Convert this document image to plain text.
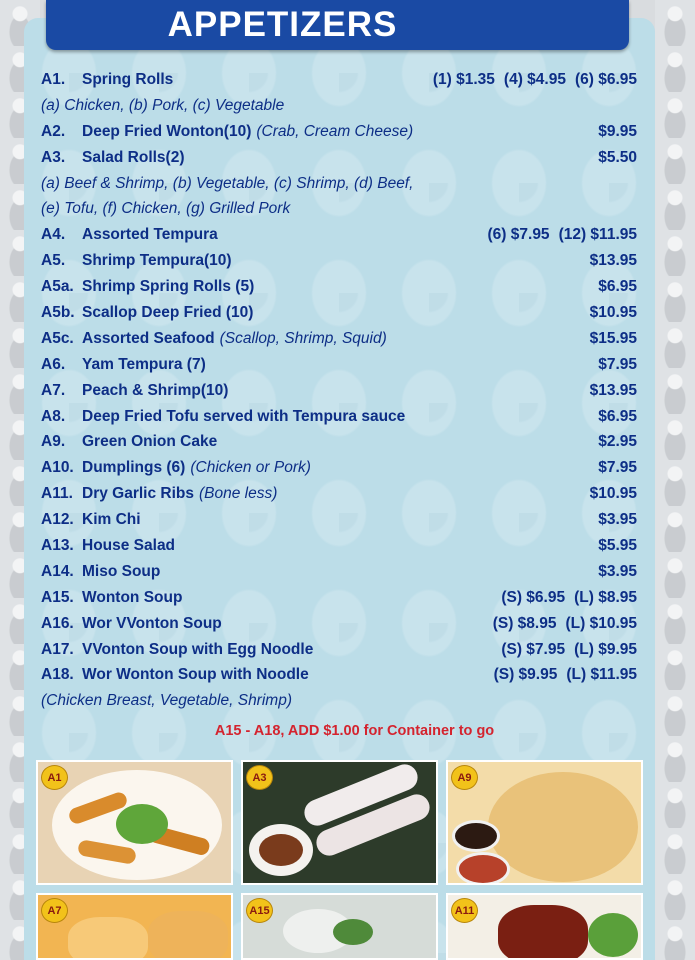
APPETIZERS
A1.	Spring Rolls	(1) $1.35 (4) $4.95 (6) $6.95
(a) Chicken, (b) Pork, (c) Vegetable
A2.	Deep Fried Wonton(10) (Crab, Cream Cheese)	$9.95
A3.	Salad Rolls(2)	$5.50
(a) Beef & Shrimp, (b) Vegetable, (c) Shrimp, (d) Beef,
(e) Tofu, (f) Chicken, (g) Grilled Pork
A4.	Assorted Tempura	(6) $7.95 (12) $11.95
A5.	Shrimp Tempura(10)	$13.95
A5a. Shrimp Spring Rolls (5)	$6.95
A5b. Scallop Deep Fried (10)	$10.95
A5c. Assorted Seafood (Scallop, Shrimp, Squid)	$15.95
A6.	Yam Tempura (7)	$7.95
A7.	Peach & Shrimp(10)	$13.95
A8.	Deep Fried Tofu served with Tempura sauce	$6.95
A9.	Green Onion Cake	$2.95
A10. Dumplings (6) (Chicken or Pork)	$7.95
A11. Dry Garlic Ribs (Bone less)	$10.95
A12. Kim Chi	$3.95
A13. House Salad	$5.95
A14. Miso Soup	$3.95
A15. Wonton Soup	(S) $6.95 (L) $8.95
A16. Wor VVonton Soup	(S) $8.95 (L) $10.95
A17. VVonton Soup with Egg Noodle	(S) $7.95 (L) $9.95
A18. Wor Wonton Soup with Noodle	(S) $9.95 (L) $11.95
(Chicken Breast, Vegetable, Shrimp)
A15 - A18, ADD $1.00 for Container to go
A1	A3	A9
A7	A15	A11
